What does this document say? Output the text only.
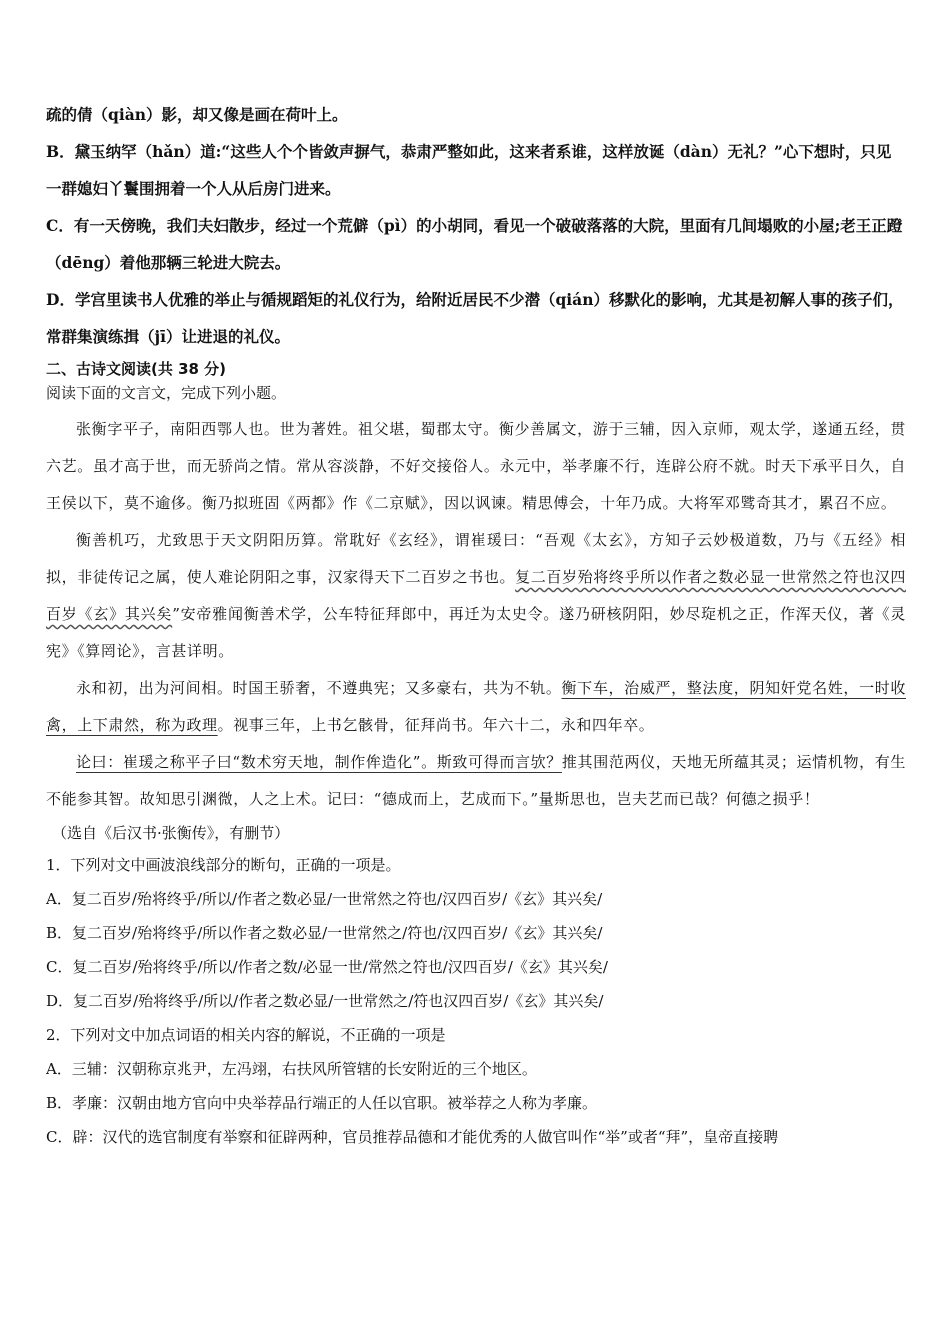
疏的倩（qiàn）影，却又像是画在荷叶上。

B．黛玉纳罕（hǎn）道:“这些人个个皆敛声摒气，恭肃严整如此，这来者系谁，这样放诞（dàn）无礼？”心下想时，只见一群媳妇丫鬟围拥着一个人从后房门进来。

C．有一天傍晚，我们夫妇散步，经过一个荒僻（pì）的小胡同，看见一个破破落落的大院，里面有几间塌败的小屋;老王正蹬（dēng）着他那辆三轮进大院去。

D．学宫里读书人优雅的举止与循规蹈矩的礼仪行为，给附近居民不少潜（qián）移默化的影响，尤其是初解人事的孩子们，常群集演练揖（jī）让进退的礼仪。

二、古诗文阅读(共 38 分)
阅读下面的文言文，完成下列小题。

张衡字平子，南阳西鄂人也。世为著姓。祖父堪，蜀郡太守。衡少善属文，游于三辅，因入京师，观太学，遂通五经，贯六艺。虽才高于世，而无骄尚之情。常从容淡静，不好交接俗人。永元中，举孝廉不行，连辟公府不就。时天下承平日久，自王侯以下，莫不逾侈。衡乃拟班固《两都》作《二京赋》，因以讽谏。精思傅会，十年乃成。大将军邓骘奇其才，累召不应。

衡善机巧，尤致思于天文阴阳历算。常耽好《玄经》，谓崔瑗曰：“吾观《太玄》，方知子云妙极道数，乃与《五经》相拟，非徒传记之属，使人难论阴阳之事，汉家得天下二百岁之书也。复二百岁殆将终乎所以作者之数必显一世常然之符也汉四百岁《玄》其兴矣”安帝雅闻衡善术学，公车特征拜郎中，再迁为太史令。遂乃研核阴阳，妙尽琁机之正，作浑天仪，著《灵宪》《算罔论》，言甚详明。

永和初，出为河间相。时国王骄奢，不遵典宪；又多豪右，共为不轨。衡下车，治威严，整法度，阴知奸党名姓，一时收禽，上下肃然，称为政理。视事三年，上书乞骸骨，征拜尚书。年六十二，永和四年卒。

论曰：崔瑗之称平子曰“数术穷天地，制作侔造化”。斯致可得而言欤？推其围范两仪，天地无所蕴其灵；运情机物，有生不能参其智。故知思引渊微，人之上术。记曰：“德成而上，艺成而下。”量斯思也，岂夫艺而已哉？何德之损乎！

（选自《后汉书·张衡传》，有删节）

1．下列对文中画波浪线部分的断句，正确的一项是。

A．复二百岁/殆将终乎/所以/作者之数必显/一世常然之符也/汉四百岁/《玄》其兴矣/

B．复二百岁/殆将终乎/所以作者之数必显/一世常然之/符也/汉四百岁/《玄》其兴矣/

C．复二百岁/殆将终乎/所以/作者之数/必显一世/常然之符也/汉四百岁/《玄》其兴矣/

D．复二百岁/殆将终乎/所以/作者之数必显/一世常然之/符也汉四百岁/《玄》其兴矣/

2．下列对文中加点词语的相关内容的解说，不正确的一项是

A．三辅：汉朝称京兆尹，左冯翊，右扶风所管辖的长安附近的三个地区。

B．孝廉：汉朝由地方官向中央举荐品行端正的人任以官职。被举荐之人称为孝廉。

C．辟：汉代的选官制度有举察和征辟两种，官员推荐品德和才能优秀的人做官叫作“举”或者“拜”，皇帝直接聘
